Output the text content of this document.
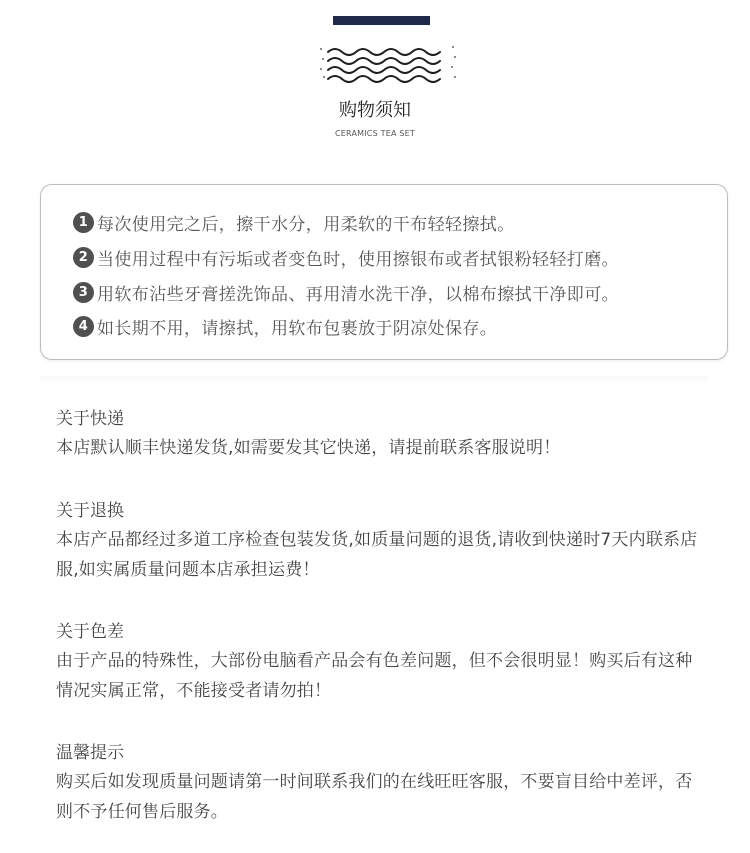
购物须知
CERAMICS TEA SET
1 每次使用完之后，擦干水分，用柔软的干布轻轻擦拭。
2 当使用过程中有污垢或者变色时，使用擦银布或者拭银粉轻轻打磨。
3 用软布沾些牙膏搓洗饰品、再用清水洗干净，以棉布擦拭干净即可。
4 如长期不用，请擦拭，用软布包裹放于阴凉处保存。
关于快递
本店默认顺丰快递发货,如需要发其它快递，请提前联系客服说明！
关于退换
本店产品都经过多道工序检查包装发货,如质量问题的退货,请收到快递时7天内联系店服,如实属质量问题本店承担运费！
关于色差
由于产品的特殊性，大部份电脑看产品会有色差问题，但不会很明显！购买后有这种情况实属正常，不能接受者请勿拍！
温馨提示
购买后如发现质量问题请第一时间联系我们的在线旺旺客服，不要盲目给中差评，否则不予任何售后服务。
